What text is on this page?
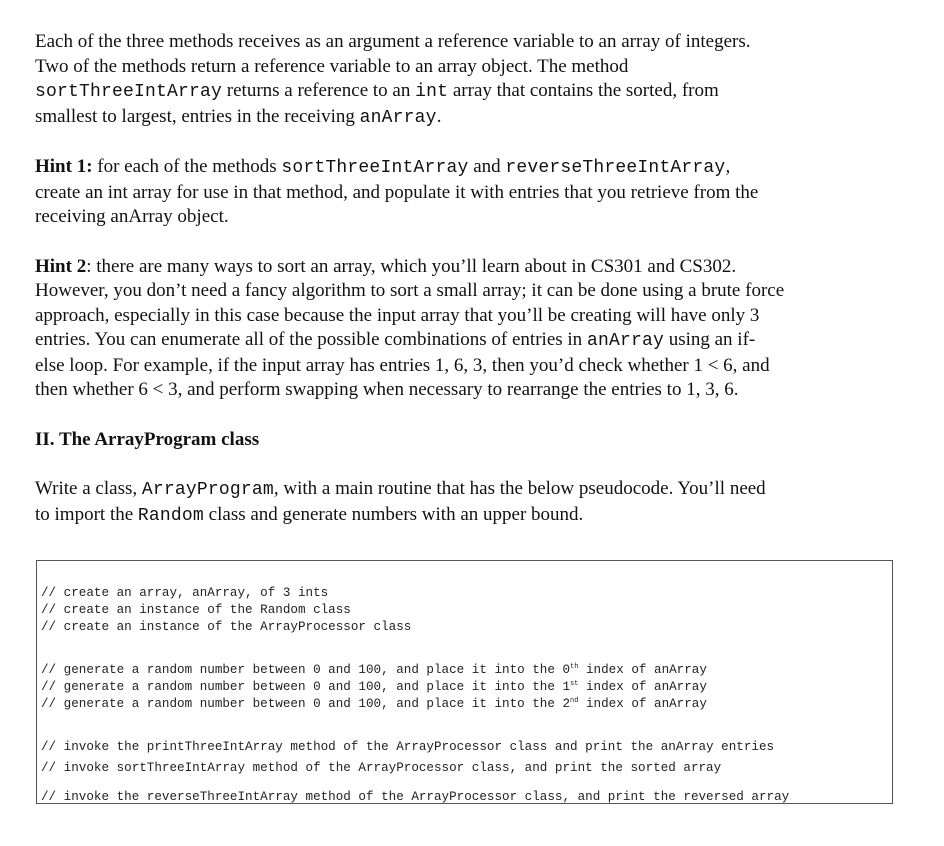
Each of the three methods receives as an argument a reference variable to an array of integers.
Two of the methods return a reference variable to an array object. The method
sortThreeIntArray returns a reference to an int array that contains the sorted, from
smallest to largest, entries in the receiving anArray.

Hint 1: for each of the methods sortThreeIntArray and reverseThreeIntArray,
create an int array for use in that method, and populate it with entries that you retrieve from the
receiving anArray object.

Hint 2: there are many ways to sort an array, which you’ll learn about in CS301 and CS302.
However, you don’t need a fancy algorithm to sort a small array; it can be done using a brute force
approach, especially in this case because the input array that you’ll be creating will have only 3
entries. You can enumerate all of the possible combinations of entries in anArray using an if-
else loop. For example, if the input array has entries 1, 6, 3, then you’d check whether 1 < 6, and
then whether 6 < 3, and perform swapping when necessary to rearrange the entries to 1, 3, 6.

II. The ArrayProgram class

Write a class, ArrayProgram, with a main routine that has the below pseudocode. You’ll need
to import the Random class and generate numbers with an upper bound.

// create an array, anArray, of 3 ints
// create an instance of the Random class
// create an instance of the ArrayProcessor class
// generate a random number between 0 and 100, and place it into the 0th index of anArray
// generate a random number between 0 and 100, and place it into the 1st index of anArray
// generate a random number between 0 and 100, and place it into the 2nd index of anArray
// invoke the printThreeIntArray method of the ArrayProcessor class and print the anArray entries
// invoke sortThreeIntArray method of the ArrayProcessor class, and print the sorted array
// invoke the reverseThreeIntArray method of the ArrayProcessor class, and print the reversed array
